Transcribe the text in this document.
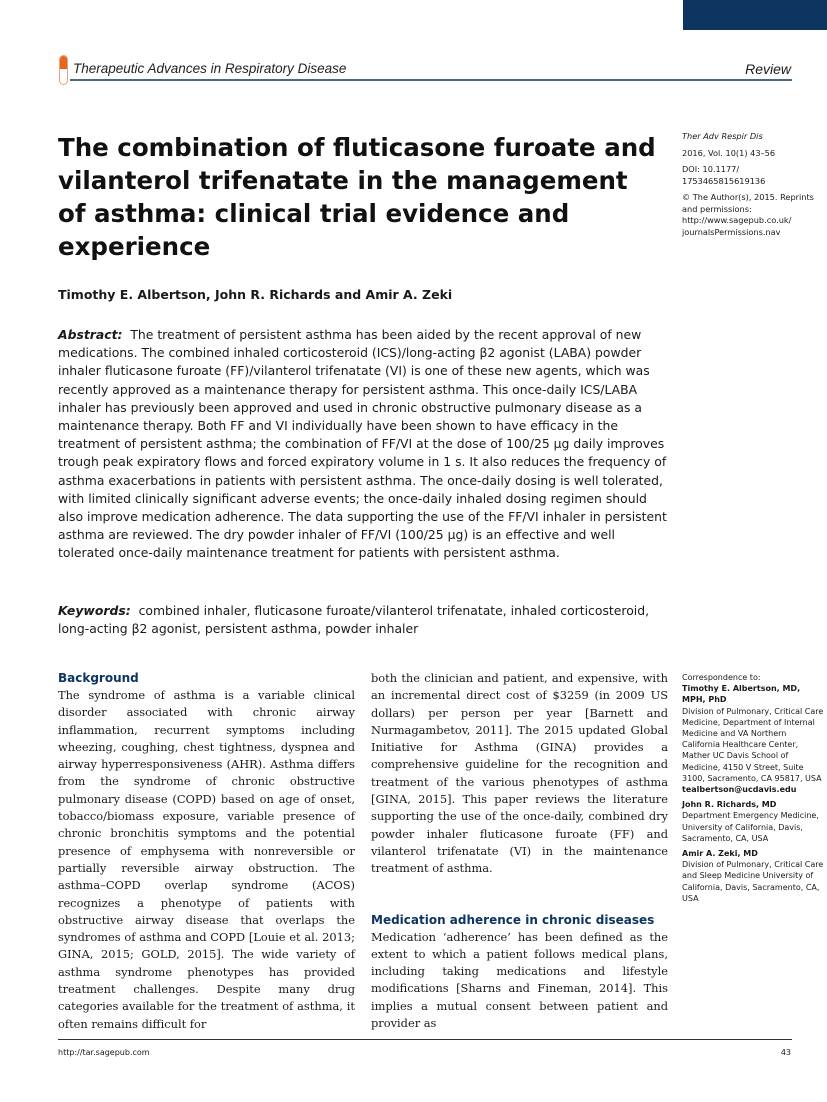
Therapeutic Advances in Respiratory Disease	Review
The combination of fluticasone furoate and vilanterol trifenatate in the management of asthma: clinical trial evidence and experience
Timothy E. Albertson, John R. Richards and Amir A. Zeki

Ther Adv Respir Dis

2016, Vol. 10(1) 43–56

DOI: 10.1177/ 1753465815619136

© The Author(s), 2015. Reprints and permissions: http://www.sagepub.co.uk/ journalsPermissions.nav

Abstract: The treatment of persistent asthma has been aided by the recent approval of new medications. The combined inhaled corticosteroid (ICS)/long-acting β2 agonist (LABA) powder inhaler fluticasone furoate (FF)/vilanterol trifenatate (VI) is one of these new agents, which was recently approved as a maintenance therapy for persistent asthma. This once-daily ICS/LABA inhaler has previously been approved and used in chronic obstructive pulmonary disease as a maintenance therapy. Both FF and VI individually have been shown to have efficacy in the treatment of persistent asthma; the combination of FF/VI at the dose of 100/25 μg daily improves trough peak expiratory flows and forced expiratory volume in 1 s. It also reduces the frequency of asthma exacerbations in patients with persistent asthma. The once-daily dosing is well tolerated, with limited clinically significant adverse events; the once-daily inhaled dosing regimen should also improve medication adherence. The data supporting the use of the FF/VI inhaler in persistent asthma are reviewed. The dry powder inhaler of FF/VI (100/25 μg) is an effective and well tolerated once-daily maintenance treatment for patients with persistent asthma.
Keywords: combined inhaler, fluticasone furoate/vilanterol trifenatate, inhaled corticosteroid, long-acting β2 agonist, persistent asthma, powder inhaler
Background

The syndrome of asthma is a variable clinical disorder associated with chronic airway inflammation, recurrent symptoms including wheezing, coughing, chest tightness, dyspnea and airway hyperresponsiveness (AHR). Asthma differs from the syndrome of chronic obstructive pulmonary disease (COPD) based on age of onset, tobacco/biomass exposure, variable presence of chronic bronchitis symptoms and the potential presence of emphysema with nonreversible or partially reversible airway obstruction. The asthma–COPD overlap syndrome (ACOS) recognizes a phenotype of patients with obstructive airway disease that overlaps the syndromes of asthma and COPD [Louie et al. 2013; GINA, 2015; GOLD, 2015]. The wide variety of asthma syndrome phenotypes has provided treatment challenges. Despite many drug categories available for the treatment of asthma, it often remains difficult for

both the clinician and patient, and expensive, with an incremental direct cost of $3259 (in 2009 US dollars) per person per year [Barnett and Nurmagambetov, 2011]. The 2015 updated Global Initiative for Asthma (GINA) provides a comprehensive guideline for the recognition and treatment of the various phenotypes of asthma [GINA, 2015]. This paper reviews the literature supporting the use of the once-daily, combined dry powder inhaler fluticasone furoate (FF) and vilanterol trifenatate (VI) in the maintenance treatment of asthma.

Medication adherence in chronic diseases

Medication ‘adherence’ has been defined as the extent to which a patient follows medical plans, including taking medications and lifestyle modifications [Sharns and Fineman, 2014]. This implies a mutual consent between patient and provider as

Correspondence to:
Timothy E. Albertson, MD, MPH, PhD
Division of Pulmonary, Critical Care Medicine, Department of Internal Medicine and VA Northern California Healthcare Center, Mather UC Davis School of Medicine, 4150 V Street, Suite 3100, Sacramento, CA 95817, USA
tealbertson@ucdavis.edu

John R. Richards, MD
Department Emergency Medicine, University of California, Davis, Sacramento, CA, USA

Amir A. Zeki, MD
Division of Pulmonary, Critical Care and Sleep Medicine University of California, Davis, Sacramento, CA, USA

http://tar.sagepub.com	43
